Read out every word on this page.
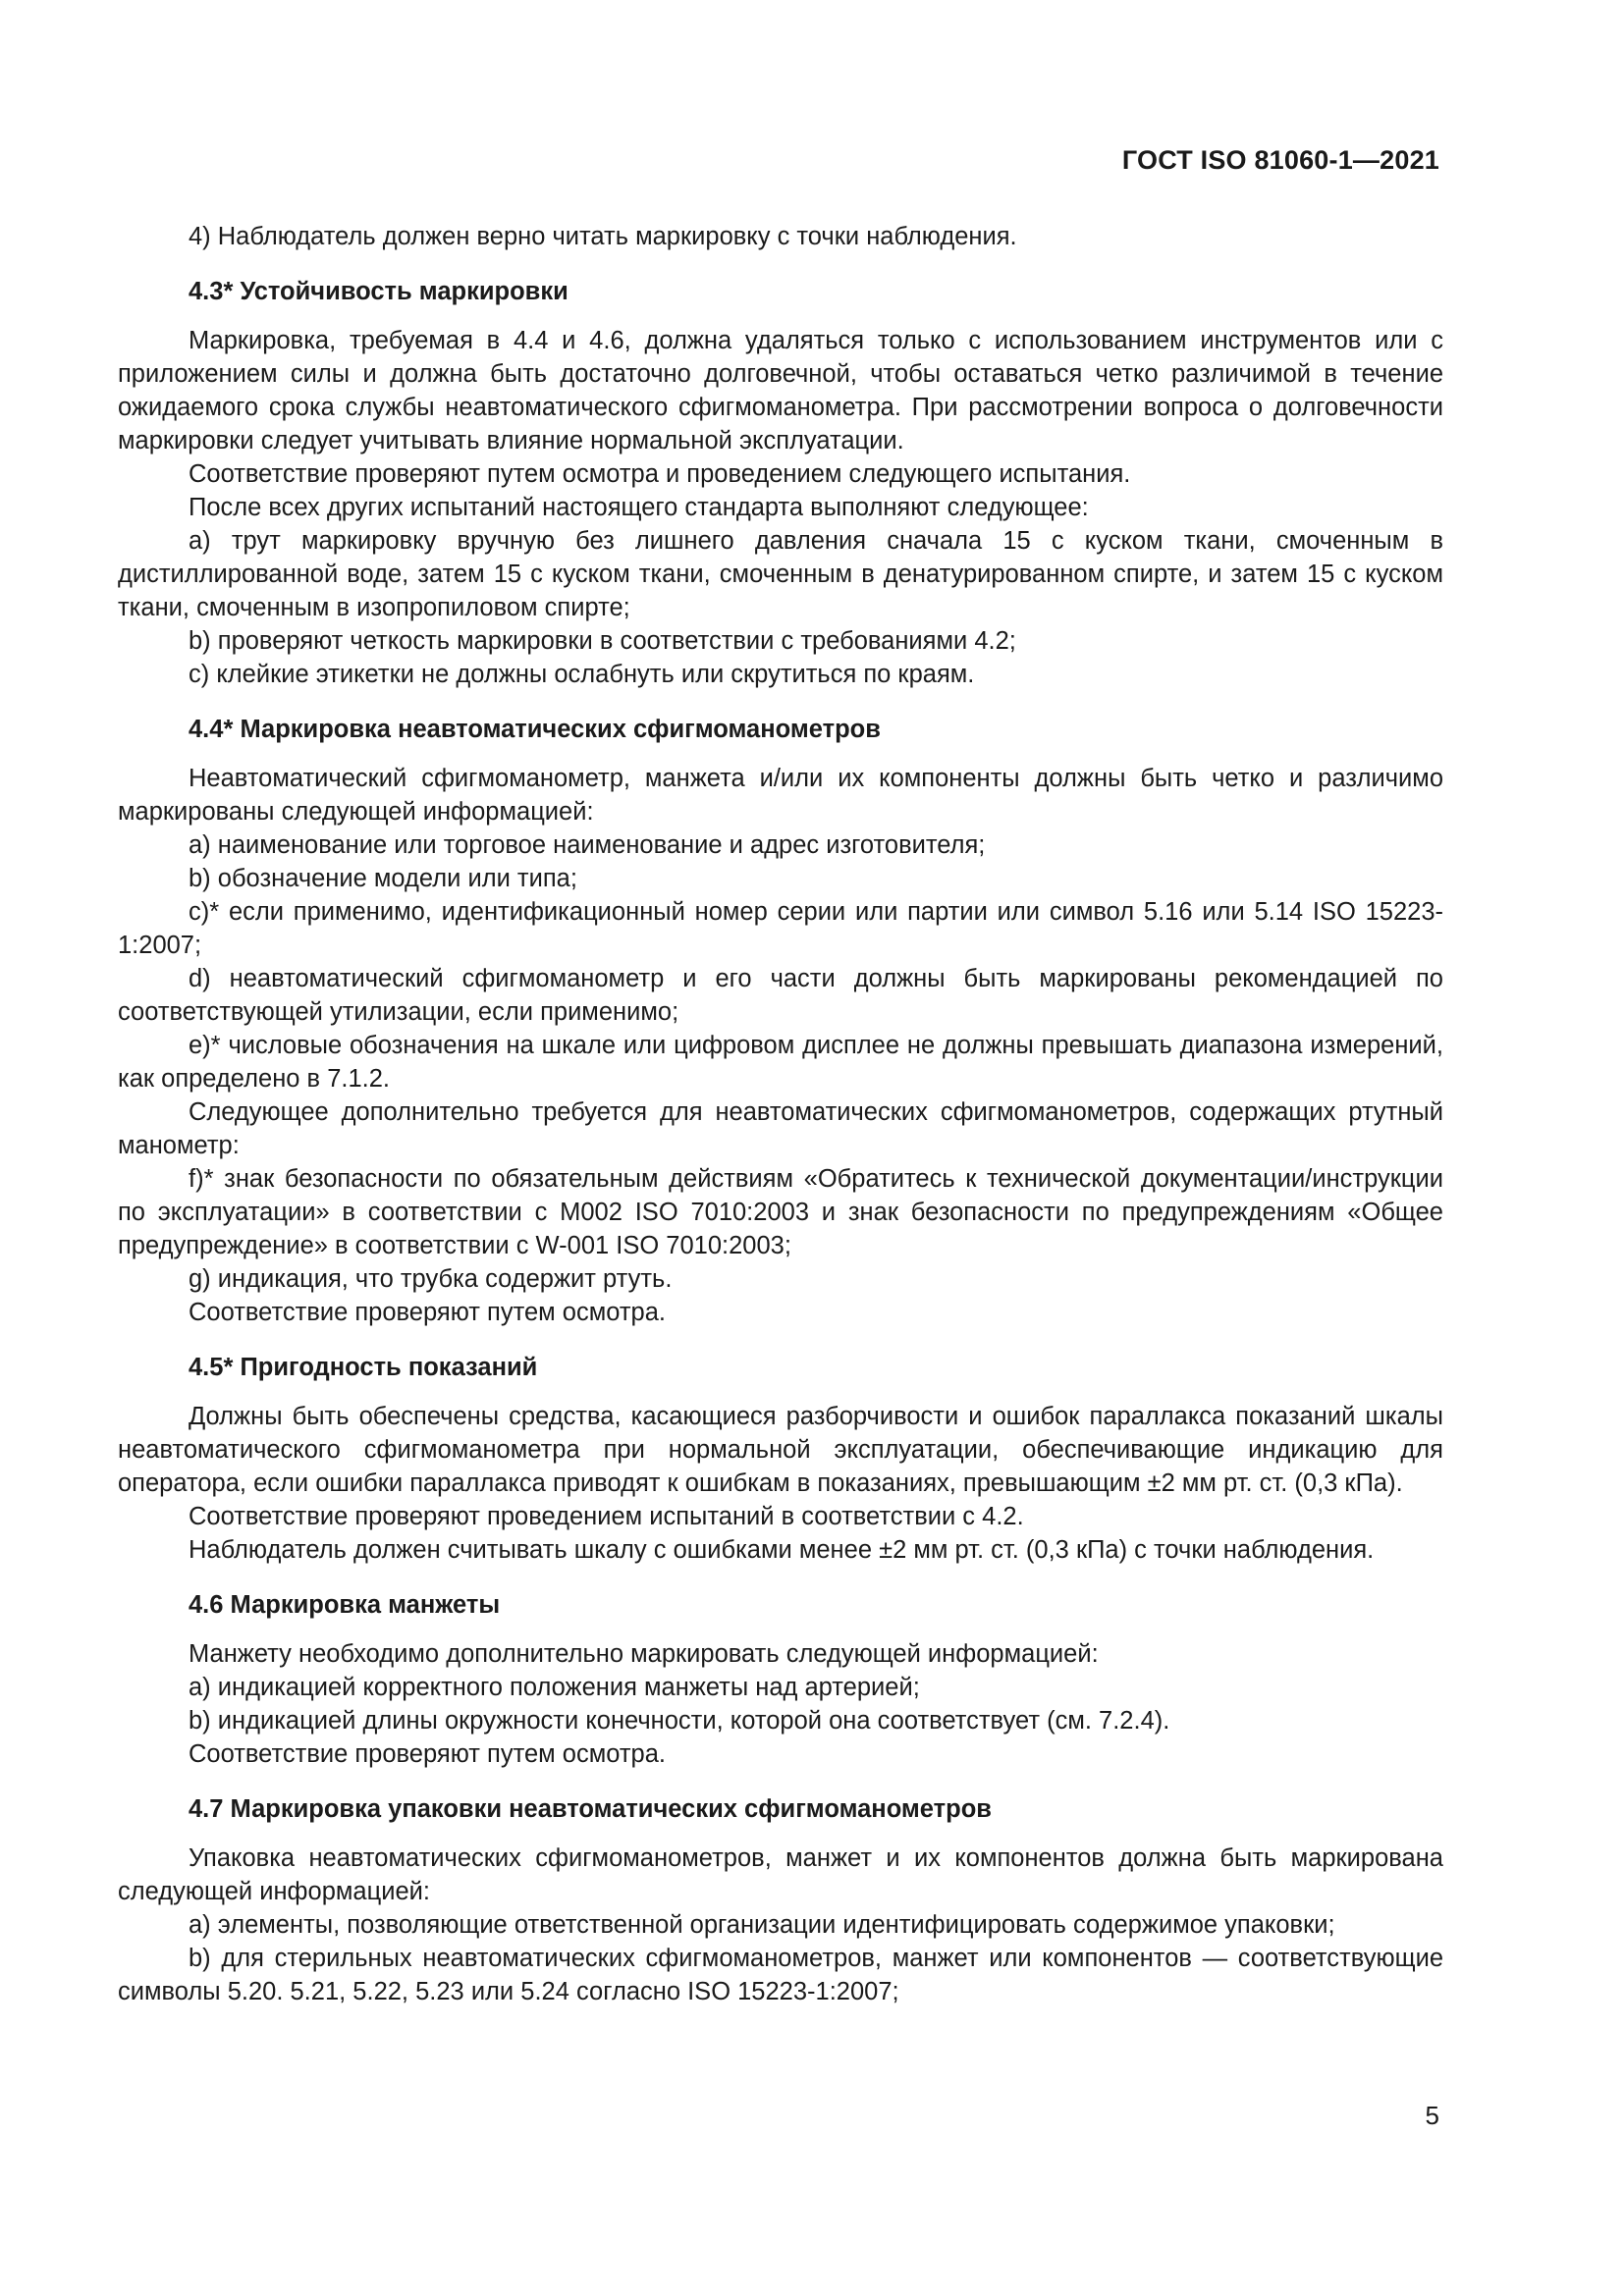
ГОСТ ISO 81060-1—2021

4) Наблюдатель должен верно читать маркировку с точки наблюдения.

4.3* Устойчивость маркировки

Маркировка, требуемая в 4.4 и 4.6, должна удаляться только с использованием инструментов или с приложением силы и должна быть достаточно долговечной, чтобы оставаться четко различимой в течение ожидаемого срока службы неавтоматического сфигмоманометра. При рассмотрении вопроса о долговечности маркировки следует учитывать влияние нормальной эксплуатации.

Соответствие проверяют путем осмотра и проведением следующего испытания.

После всех других испытаний настоящего стандарта выполняют следующее:

а) трут маркировку вручную без лишнего давления сначала 15 с куском ткани, смоченным в дистиллированной воде, затем 15 с куском ткани, смоченным в денатурированном спирте, и затем 15 с куском ткани, смоченным в изопропиловом спирте;

b) проверяют четкость маркировки в соответствии с требованиями 4.2;

c) клейкие этикетки не должны ослабнуть или скрутиться по краям.

4.4* Маркировка неавтоматических сфигмоманометров

Неавтоматический сфигмоманометр, манжета и/или их компоненты должны быть четко и различимо маркированы следующей информацией:

а) наименование или торговое наименование и адрес изготовителя;

b) обозначение модели или типа;

c)* если применимо, идентификационный номер серии или партии или символ 5.16 или 5.14 ISO 15223-1:2007;

d) неавтоматический сфигмоманометр и его части должны быть маркированы рекомендацией по соответствующей утилизации, если применимо;

e)* числовые обозначения на шкале или цифровом дисплее не должны превышать диапазона измерений, как определено в 7.1.2.

Следующее дополнительно требуется для неавтоматических сфигмоманометров, содержащих ртутный манометр:

f)* знак безопасности по обязательным действиям «Обратитесь к технической документации/инструкции по эксплуатации» в соответствии с M002 ISO 7010:2003 и знак безопасности по предупреждениям «Общее предупреждение» в соответствии с W-001 ISO 7010:2003;

g) индикация, что трубка содержит ртуть.

Соответствие проверяют путем осмотра.

4.5* Пригодность показаний

Должны быть обеспечены средства, касающиеся разборчивости и ошибок параллакса показаний шкалы неавтоматического сфигмоманометра при нормальной эксплуатации, обеспечивающие индикацию для оператора, если ошибки параллакса приводят к ошибкам в показаниях, превышающим ±2 мм рт. ст. (0,3 кПа).

Соответствие проверяют проведением испытаний в соответствии с 4.2.

Наблюдатель должен считывать шкалу с ошибками менее ±2 мм рт. ст. (0,3 кПа) с точки наблюдения.

4.6 Маркировка манжеты

Манжету необходимо дополнительно маркировать следующей информацией:

а) индикацией корректного положения манжеты над артерией;

b) индикацией длины окружности конечности, которой она соответствует (см. 7.2.4).

Соответствие проверяют путем осмотра.

4.7 Маркировка упаковки неавтоматических сфигмоманометров

Упаковка неавтоматических сфигмоманометров, манжет и их компонентов должна быть маркирована следующей информацией:

а) элементы, позволяющие ответственной организации идентифицировать содержимое упаковки;

b) для стерильных неавтоматических сфигмоманометров, манжет или компонентов — соответствующие символы 5.20. 5.21, 5.22, 5.23 или 5.24 согласно ISO 15223-1:2007;

5
